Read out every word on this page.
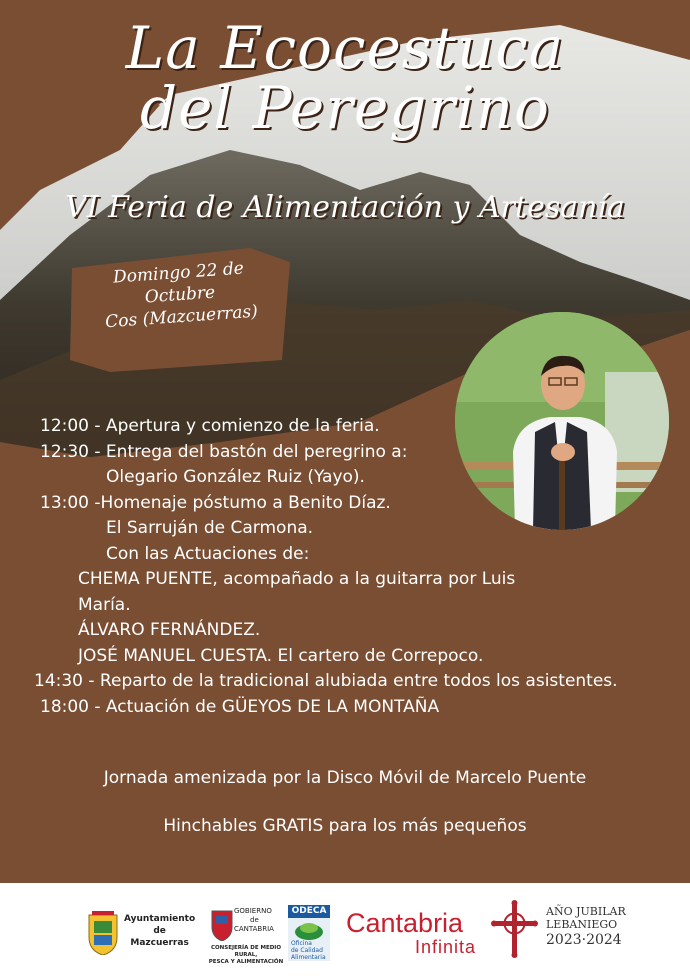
La Ecocestuca
del Peregrino
VI Feria de Alimentación y Artesanía
Domingo 22 de Octubre
Cos (Mazcuerras)
12:00 - Apertura y comienzo de la feria.
12:30 - Entrega del bastón del peregrino a:
Olegario González Ruiz (Yayo).
13:00 -Homenaje póstumo a Benito Díaz.
El Sarruján de Carmona.
Con las Actuaciones de:
CHEMA PUENTE, acompañado a la guitarra por Luis
María.
ÁLVARO FERNÁNDEZ.
JOSÉ MANUEL CUESTA. El cartero de Correpoco.
14:30 - Reparto de la tradicional alubiada entre todos los asistentes.
18:00 - Actuación de GÜEYOS DE LA MONTAÑA
Jornada amenizada por la Disco Móvil de Marcelo Puente
Hinchables GRATIS para los más pequeños
Ayuntamiento
de
Mazcuerras
GOBIERNO
de
CANTABRIA
CONSEJERÍA DE MEDIO RURAL,
PESCA Y ALIMENTACIÓN
ODECA
Oficina
de Calidad
Alimentaria
Cantabria
Infinita
AÑO JUBILAR
LEBANIEGO
2023·2024
